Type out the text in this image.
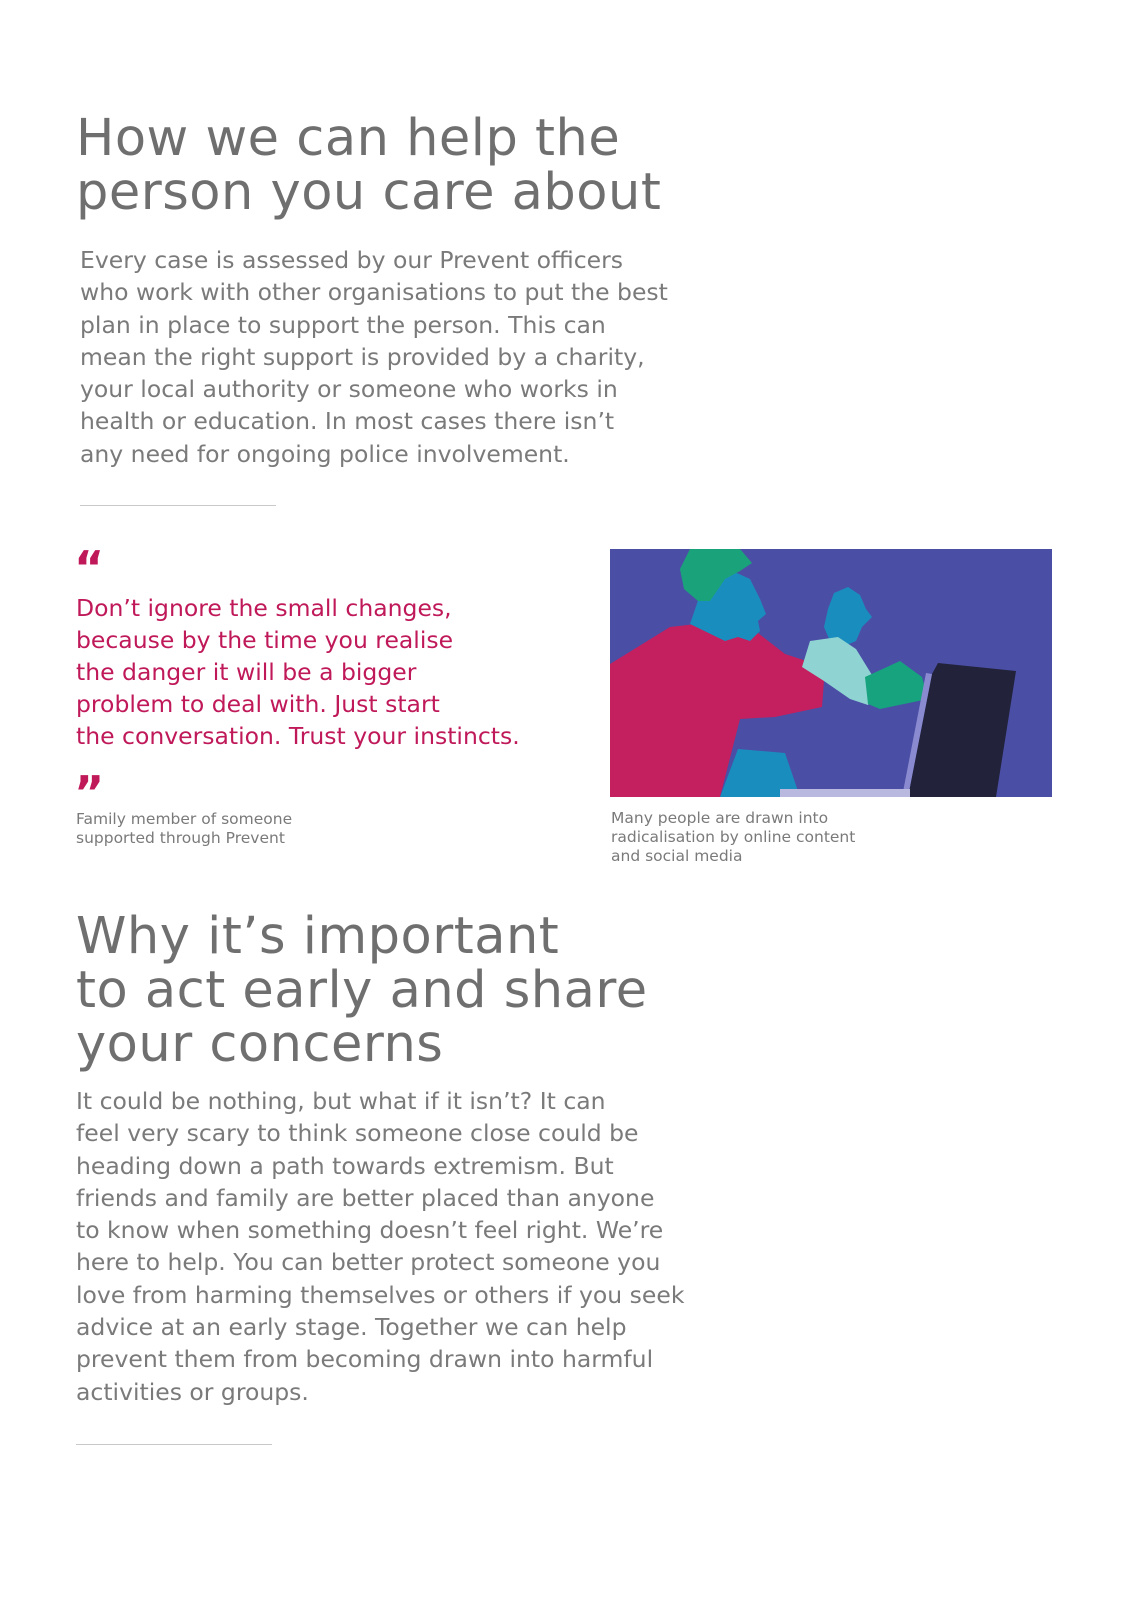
How we can help the
person you care about

Every case is assessed by our Prevent officers
who work with other organisations to put the best
plan in place to support the person. This can
mean the right support is provided by a charity,
your local authority or someone who works in
health or education. In most cases there isn’t
any need for ongoing police involvement.

“

Don’t ignore the small changes,
because by the time you realise
the danger it will be a bigger
problem to deal with. Just start
the conversation. Trust your instincts.

”

Family member of someone
supported through Prevent

Many people are drawn into
radicalisation by online content
and social media

Why it’s important
to act early and share
your concerns

It could be nothing, but what if it isn’t? It can
feel very scary to think someone close could be
heading down a path towards extremism. But
friends and family are better placed than anyone
to know when something doesn’t feel right. We’re
here to help. You can better protect someone you
love from harming themselves or others if you seek
advice at an early stage. Together we can help
prevent them from becoming drawn into harmful
activities or groups.
